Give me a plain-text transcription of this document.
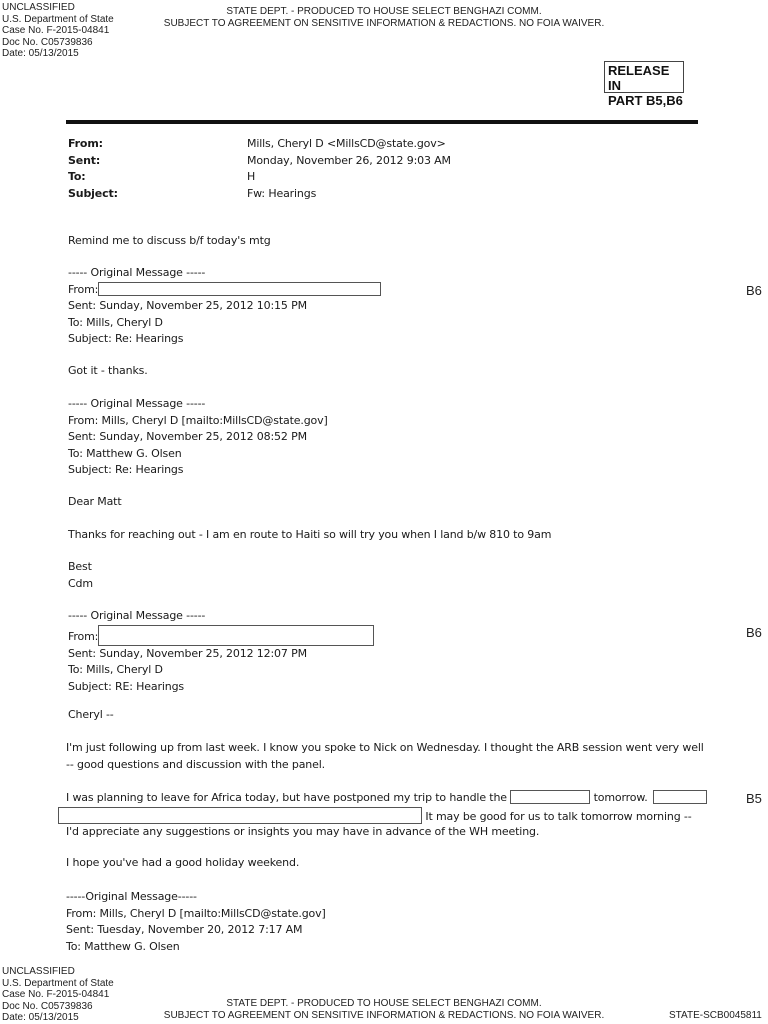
UNCLASSIFIED
U.S. Department of State
Case No. F-2015-04841
Doc No. C05739836
Date: 05/13/2015
STATE DEPT. - PRODUCED TO HOUSE SELECT BENGHAZI COMM.
SUBJECT TO AGREEMENT ON SENSITIVE INFORMATION & REDACTIONS. NO FOIA WAIVER.
RELEASE IN
PART B5,B6
From:
Sent:
To:
Subject:
Mills, Cheryl D <MillsCD@state.gov>
Monday, November 26, 2012 9:03 AM
H
Fw: Hearings
Remind me to discuss b/f today's mtg
----- Original Message -----
From:
Sent: Sunday, November 25, 2012 10:15 PM
To: Mills, Cheryl D
Subject: Re: Hearings
B6
Got it - thanks.
----- Original Message -----
From: Mills, Cheryl D [mailto:MillsCD@state.gov]
Sent: Sunday, November 25, 2012 08:52 PM
To: Matthew G. Olsen
Subject: Re: Hearings
Dear Matt
Thanks for reaching out - I am en route to Haiti so will try you when I land b/w 810 to 9am
Best
Cdm
----- Original Message -----
From:
Sent: Sunday, November 25, 2012 12:07 PM
To: Mills, Cheryl D
Subject: RE: Hearings
B6
Cheryl --
I'm just following up from last week. I know you spoke to Nick on Wednesday. I thought the ARB session went very well
-- good questions and discussion with the panel.
I was planning to leave for Africa today, but have postponed my trip to handle the	tomorrow.
It may be good for us to talk tomorrow morning --
I'd appreciate any suggestions or insights you may have in advance of the WH meeting.
B5
I hope you've had a good holiday weekend.
-----Original Message-----
From: Mills, Cheryl D [mailto:MillsCD@state.gov]
Sent: Tuesday, November 20, 2012 7:17 AM
To: Matthew G. Olsen
UNCLASSIFIED
U.S. Department of State
Case No. F-2015-04841
Doc No. C05739836
Date: 05/13/2015
STATE DEPT. - PRODUCED TO HOUSE SELECT BENGHAZI COMM.
SUBJECT TO AGREEMENT ON SENSITIVE INFORMATION & REDACTIONS. NO FOIA WAIVER.	STATE-SCB0045811
